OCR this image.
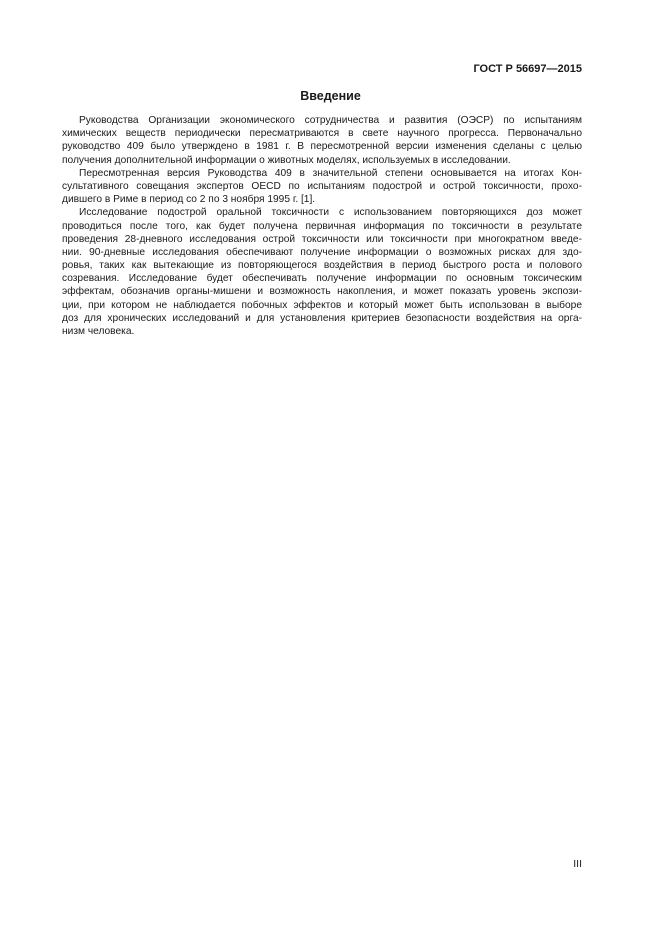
ГОСТ Р 56697—2015
Введение
Руководства Организации экономического сотрудничества и развития (ОЭСР) по испытаниям
химических веществ периодически пересматриваются в свете научного прогресса. Первоначально
руководство 409 было утверждено в 1981 г. В пересмотренной версии изменения сделаны с целью
получения дополнительной информации о животных моделях, используемых в исследовании.
Пересмотренная версия Руководства 409 в значительной степени основывается на итогах Кон-
сультативного совещания экспертов OECD по испытаниям подострой и острой токсичности, прохо-
дившего в Риме в период со 2 по 3 ноября 1995 г. [1].
Исследование подострой оральной токсичности с использованием повторяющихся доз может
проводиться после того, как будет получена первичная информация по токсичности в результате
проведения 28-дневного исследования острой токсичности или токсичности при многократном введе-
нии. 90-дневные исследования обеспечивают получение информации о возможных рисках для здо-
ровья, таких как вытекающие из повторяющегося воздействия в период быстрого роста и полового
созревания. Исследование будет обеспечивать получение информации по основным токсическим
эффектам, обозначив органы-мишени и возможность накопления, и может показать уровень экспози-
ции, при котором не наблюдается побочных эффектов и который может быть использован в выборе
доз для хронических исследований и для установления критериев безопасности воздействия на орга-
низм человека.
III
